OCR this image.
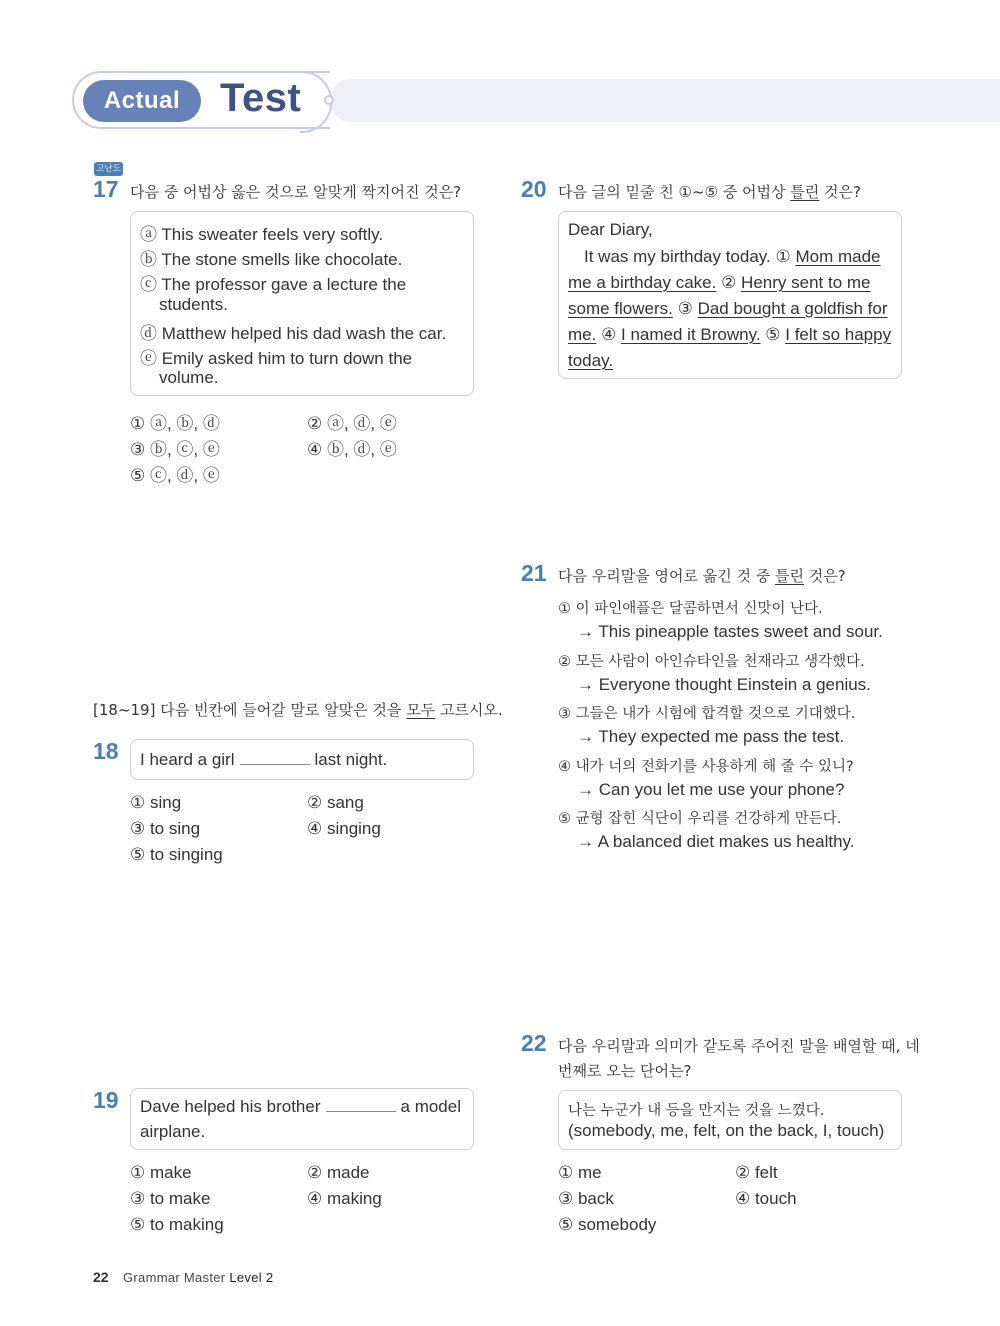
Actual Test
고난도
17 다음 중 어법상 옳은 것으로 알맞게 짝지어진 것은?
ⓐ This sweater feels very softly.
ⓑ The stone smells like chocolate.
ⓒ The professor gave a lecture the
students.
ⓓ Matthew helped his dad wash the car.
ⓔ Emily asked him to turn down the
volume.
① ⓐ, ⓑ, ⓓ	② ⓐ, ⓓ, ⓔ
③ ⓑ, ⓒ, ⓔ	④ ⓑ, ⓓ, ⓔ
⑤ ⓒ, ⓓ, ⓔ
[18~19] 다음 빈칸에 들어갈 말로 알맞은 것을 모두 고르시오.
18 I heard a girl	last night.
① sing	② sang
③ to sing	④ singing
⑤ to singing
19 Dave helped his brother	a model
airplane.
① make	② made
③ to make	④ making
⑤ to making
20 다음 글의 밑줄 친 ①~⑤ 중 어법상 틀린 것은?
Dear Diary,
It was my birthday today. ① Mom made
me a birthday cake. ② Henry sent to me
some flowers. ③ Dad bought a goldfish for
me. ④ I named it Browny. ⑤ I felt so happy
today.
21 다음 우리말을 영어로 옮긴 것 중 틀린 것은?
① 이 파인애플은 달콤하면서 신맛이 난다.
→ This pineapple tastes sweet and sour.
② 모든 사람이 아인슈타인을 천재라고 생각했다.
→ Everyone thought Einstein a genius.
③ 그들은 내가 시험에 합격할 것으로 기대했다.
→ They expected me pass the test.
④ 내가 너의 전화기를 사용하게 해 줄 수 있니?
→ Can you let me use your phone?
⑤ 균형 잡힌 식단이 우리를 건강하게 만든다.
→ A balanced diet makes us healthy.
22 다음 우리말과 의미가 같도록 주어진 말을 배열할 때, 네
번째로 오는 단어는?
나는 누군가 내 등을 만지는 것을 느꼈다.
(somebody, me, felt, on the back, I, touch)
① me	② felt
③ back	④ touch
⑤ somebody
22 Grammar Master Level 2
